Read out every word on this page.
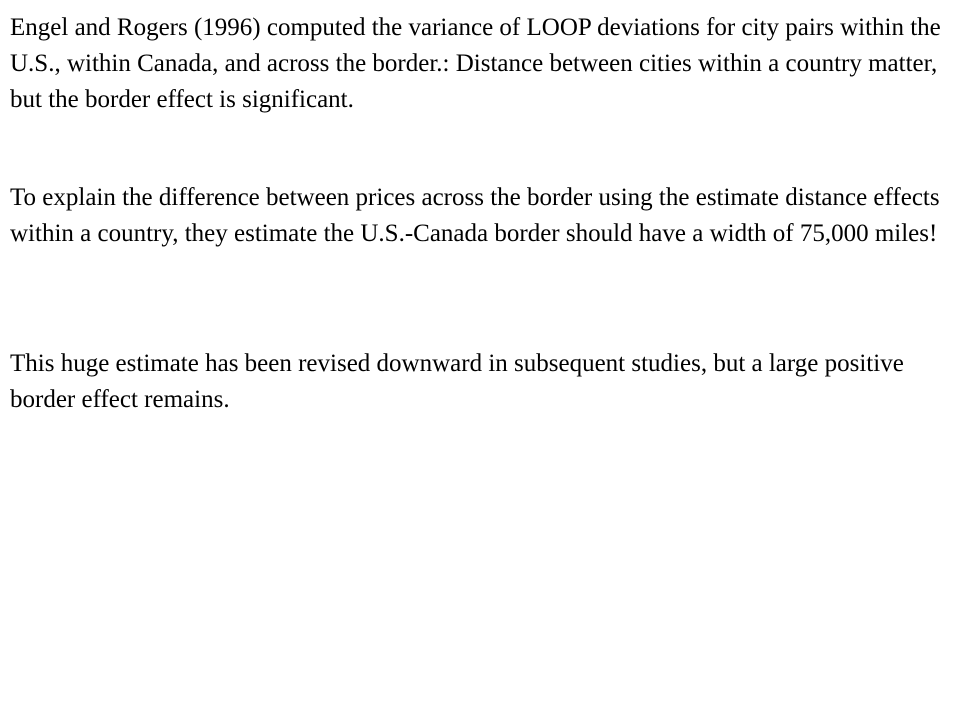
Engel and Rogers (1996) computed the variance of LOOP deviations for city pairs within the U.S., within Canada, and across the border.: Distance between cities within a country matter, but the border effect is significant.

To explain the difference between prices across the border using the estimate distance effects within a country, they estimate the U.S.-Canada border should have a width of 75,000 miles!

This huge estimate has been revised downward in subsequent studies, but a large positive border effect remains.
